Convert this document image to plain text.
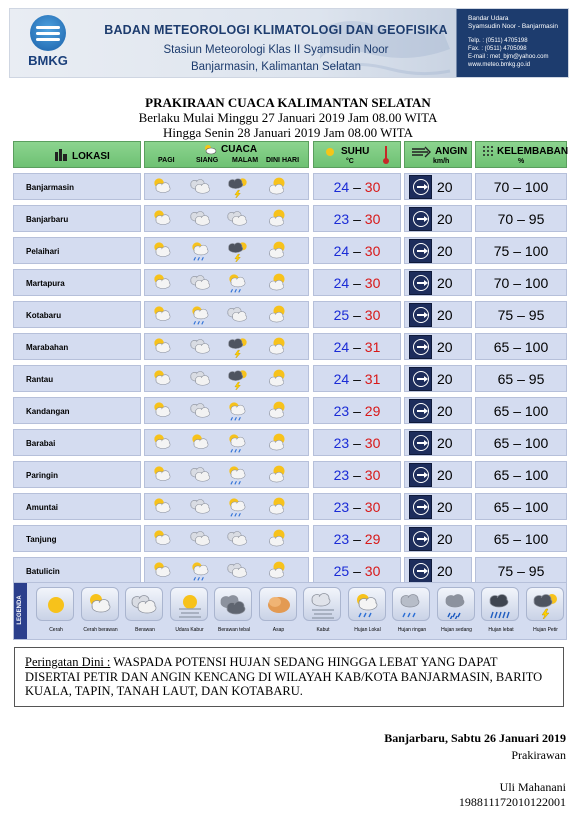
BMKG
BADAN METEOROLOGI KLIMATOLOGI DAN GEOFISIKA
Stasiun Meteorologi Klas II Syamsudin Noor
Banjarmasin, Kalimantan Selatan
Bandar Udara
Syamsudin Noor - Banjarmasin
Telp. : (0511) 4705198
Fax. : (0511) 4705098
E-mail : met_bjm@yahoo.com
www.meteo.bmkg.go.id
PRAKIRAAN CUACA KALIMANTAN SELATAN
Berlaku Mulai Minggu 27 Januari 2019 Jam 08.00 WITA
Hingga Senin 28 Januari 2019 Jam 08.00 WITA
LOKASI
CUACA
PAGI	SIANG MALAM DINI HARI
SUHU
°C
ANGIN
km/h
KELEMBABAN
%
Banjarmasin	24 – 30	20	70 – 100
Banjarbaru	23 – 30	20	70 – 95
Pelaihari	24 – 30	20	75 – 100
Martapura	24 – 30	20	70 – 100
Kotabaru	25 – 30	20	75 – 95
Marabahan	24 – 31	20	65 – 100
Rantau	24 – 31	20	65 – 95
Kandangan	23 – 29	20	65 – 100
Barabai	23 – 30	20	65 – 100
Paringin	23 – 30	20	65 – 100
Amuntai	23 – 30	20	65 – 100
Tanjung	23 – 29	20	65 – 100
Batulicin	25 – 30	20	75 – 95
LEGENDA
Cerah	Cerah berawan	Berawan	Udara Kabur	Berawan tebal	Asap	Kabut	Hujan Lokal	Hujan ringan	Hujan sedang	Hujan lebat	Hujan Petir
Peringatan Dini : WASPADA POTENSI HUJAN SEDANG HINGGA LEBAT YANG DAPAT DISERTAI PETIR DAN ANGIN KENCANG DI WILAYAH KAB/KOTA BANJARMASIN, BARITO KUALA, TAPIN, TANAH LAUT, DAN KOTABARU.
Banjarbaru, Sabtu 26 Januari 2019
Prakirawan
Uli Mahanani
198811172010122001
